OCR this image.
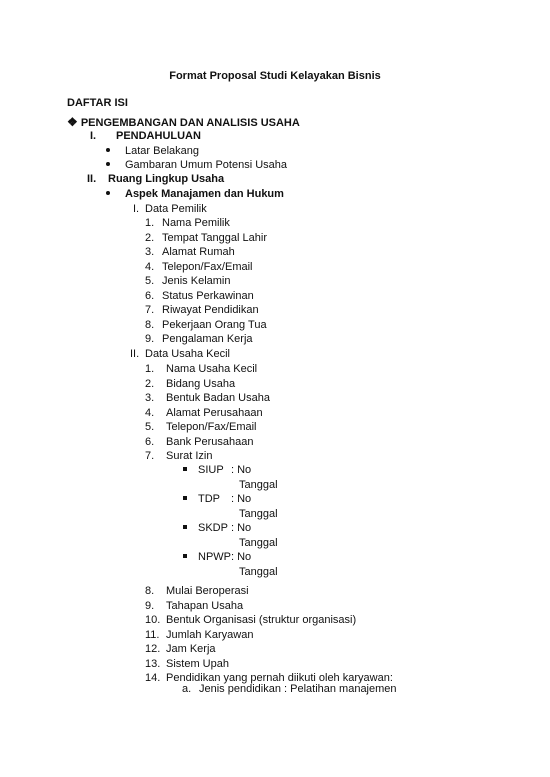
Format Proposal Studi Kelayakan Bisnis
DAFTAR ISI
❖ PENGEMBANGAN DAN ANALISIS USAHA
I. PENDAHULUAN
Latar Belakang
Gambaran Umum Potensi Usaha
II. Ruang Lingkup Usaha
Aspek Manajamen dan Hukum
I. Data Pemilik
1. Nama Pemilik
2. Tempat Tanggal Lahir
3. Alamat Rumah
4. Telepon/Fax/Email
5. Jenis Kelamin
6. Status Perkawinan
7. Riwayat Pendidikan
8. Pekerjaan Orang Tua
9. Pengalaman Kerja
II. Data Usaha Kecil
1. Nama Usaha Kecil
2. Bidang Usaha
3. Bentuk Badan Usaha
4. Alamat Perusahaan
5. Telepon/Fax/Email
6. Bank Perusahaan
7. Surat Izin
SIUP : No
Tanggal
TDP : No
Tanggal
SKDP : No
Tanggal
NPWP : No
Tanggal
8. Mulai Beroperasi
9. Tahapan Usaha
10. Bentuk Organisasi (struktur organisasi)
11. Jumlah Karyawan
12. Jam Kerja
13. Sistem Upah
14. Pendidikan yang pernah diikuti oleh karyawan:
a. Jenis pendidikan : Pelatihan manajemen
